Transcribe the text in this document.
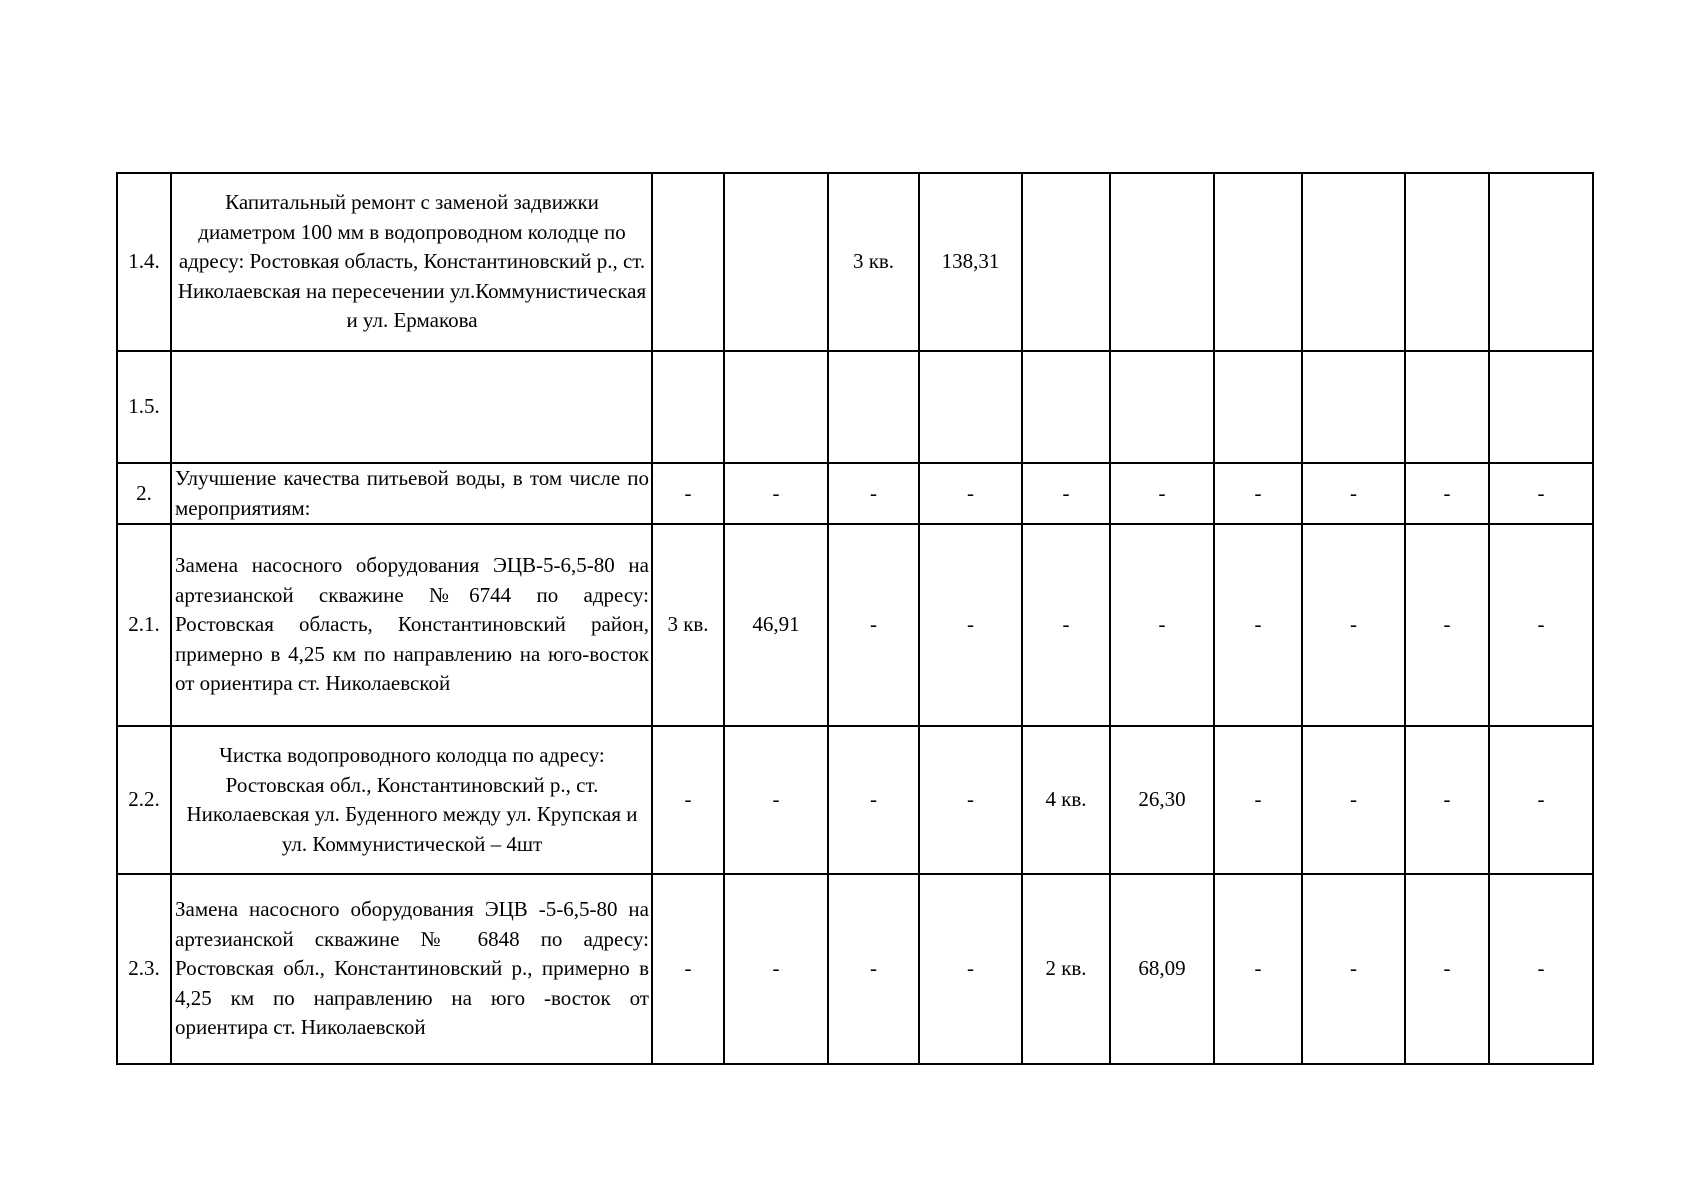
1.4.	Капитальный ремонт с заменой задвижки диаметром 100 мм в водопроводном колодце по адресу: Ростовкая область, Константиновский р., ст. Николаевская на пересечении ул.Коммунистическая и ул. Ермакова			3 кв.	138,31						
1.5.											
2.	Улучшение качества питьевой воды, в том числе по мероприятиям:	-	-	-	-	-	-	-	-	-	-
2.1.	Замена насосного оборудования ЭЦВ-5-6,5-80 на артезианской скважине №6744 по адресу: Ростовская область, Константиновский район, примерно в 4,25 км по направлению на юго-восток от ориентира ст. Николаевской	3 кв.	46,91	-	-	-	-	-	-	-	-
2.2.	Чистка водопроводного колодца по адресу: Ростовская обл., Константиновский р., ст. Николаевская ул. Буденного между ул. Крупская и ул. Коммунистической – 4шт	-	-	-	-	4 кв.	26,30	-	-	-	-
2.3.	Замена насосного оборудования ЭЦВ -5-6,5-80 на артезианской скважине № 6848 по адресу: Ростовская обл., Константиновский р., примерно в 4,25 км по направлению на юго -восток от ориентира ст. Николаевской	-	-	-	-	2 кв.	68,09	-	-	-	-
